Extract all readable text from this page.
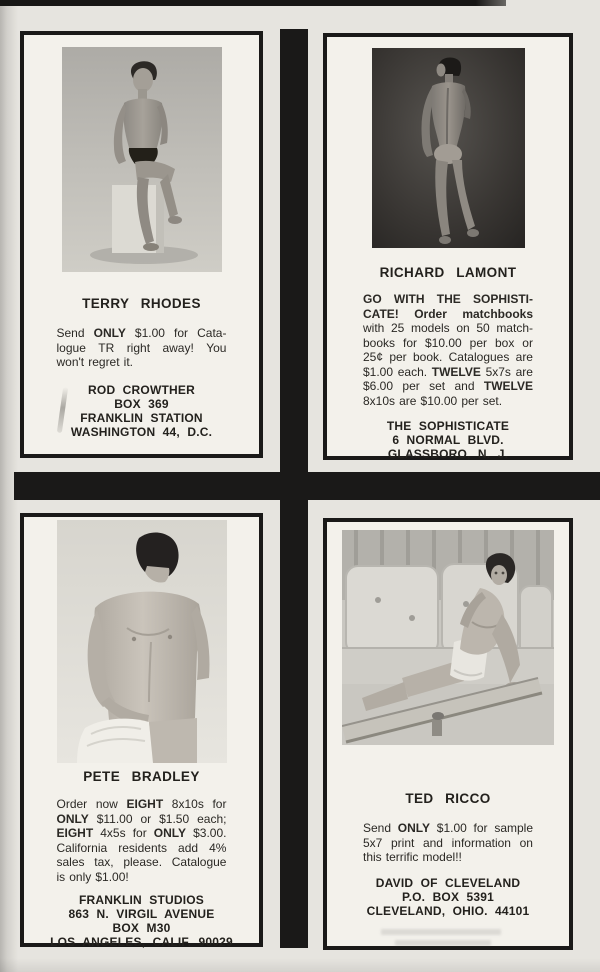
TERRY RHODES
Send ONLY $1.00 for Cata-
logue TR right away! You
won't regret it.
ROD CROWTHER
BOX 369
FRANKLIN STATION
WASHINGTON 44, D.C.
RICHARD LAMONT
GO WITH THE SOPHISTI-
CATE! Order matchbooks
with 25 models on 50 match-
books for $10.00 per box or
25¢ per book. Catalogues are
$1.00 each. TWELVE 5x7s are
$6.00 per set and TWELVE
8x10s are $10.00 per set.
THE SOPHISTICATE
6 NORMAL BLVD.
GLASSBORO, N. J.
PETE BRADLEY
Order now EIGHT 8x10s for
ONLY $11.00 or $1.50 each;
EIGHT 4x5s for ONLY $3.00.
California residents add 4%
sales tax, please. Catalogue
is only $1.00!
FRANKLIN STUDIOS
863 N. VIRGIL AVENUE
BOX M30
LOS ANGELES, CALIF. 90029
TED RICCO
Send ONLY $1.00 for sample
5x7 print and information on
this terrific model!!
DAVID OF CLEVELAND
P.O. BOX 5391
CLEVELAND, OHIO. 44101
